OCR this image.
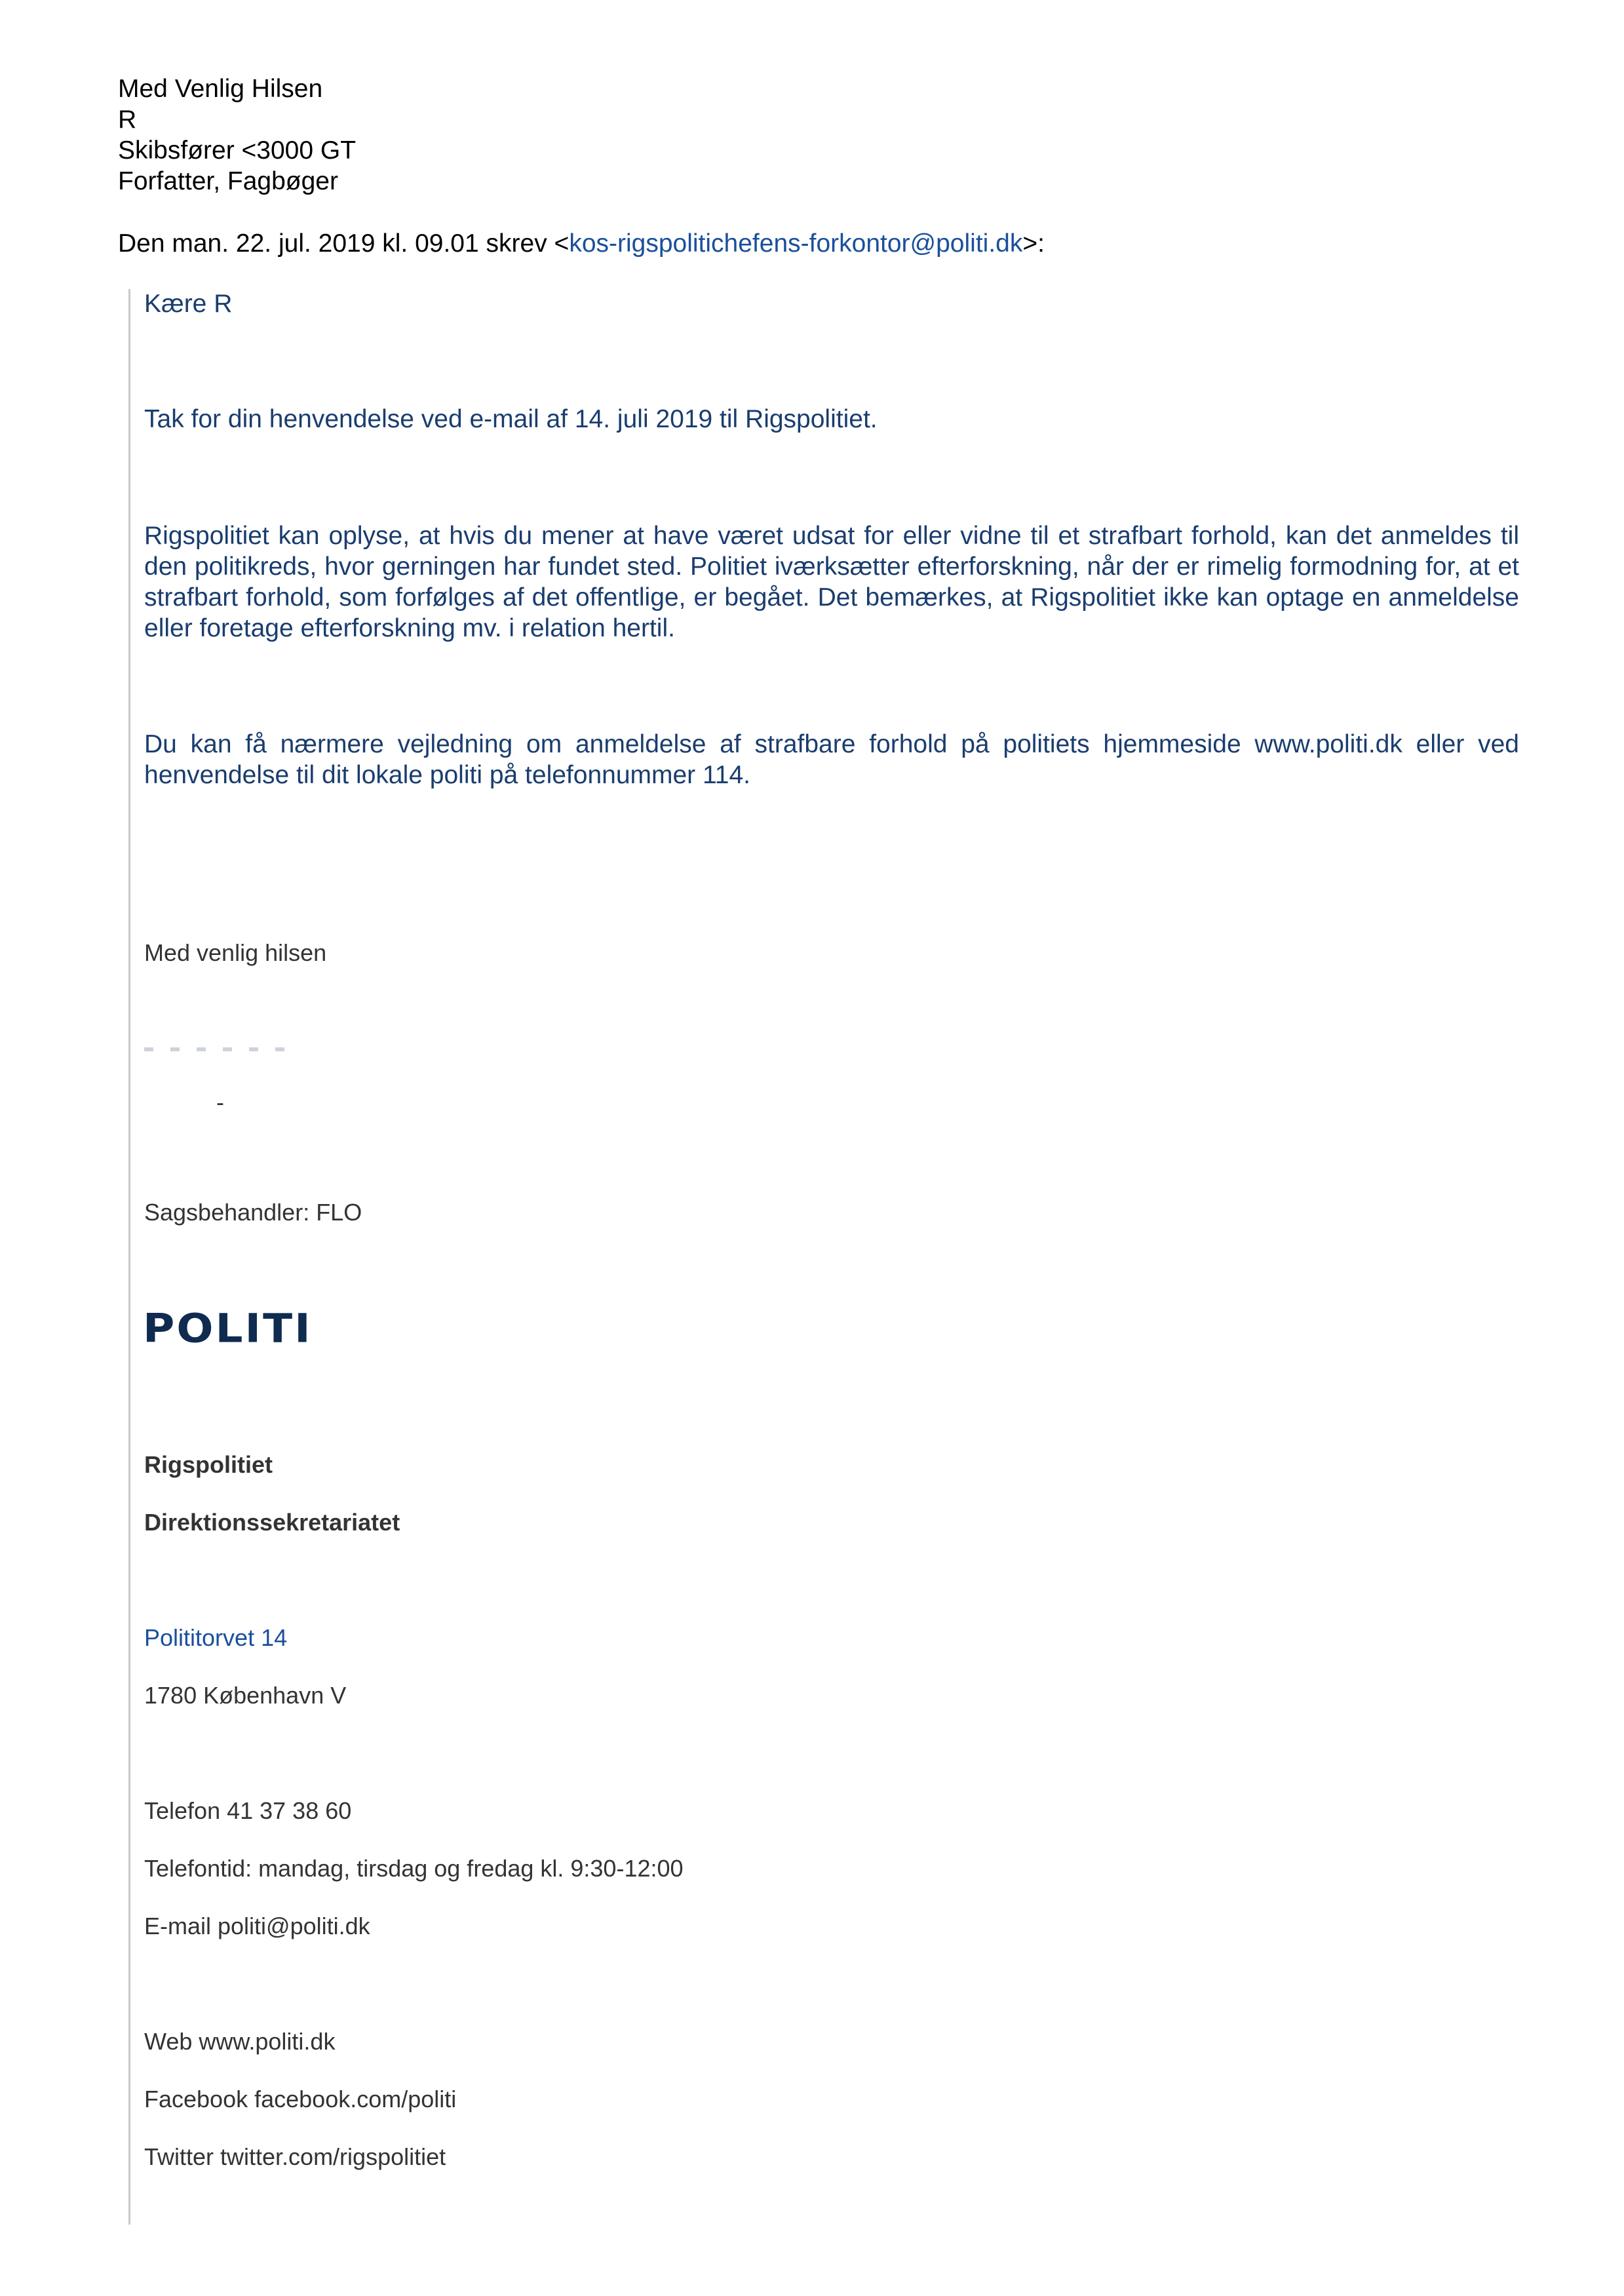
Med Venlig Hilsen
R
Skibsfører <3000 GT
Forfatter, Fagbøger
Den man. 22. jul. 2019 kl. 09.01 skrev <kos-rigspolitichefens-forkontor@politi.dk>:
Kære R
Tak for din henvendelse ved e-mail af 14. juli 2019 til Rigspolitiet.
Rigspolitiet kan oplyse, at hvis du mener at have været udsat for eller vidne til et strafbart forhold, kan det anmeldes til den politikreds, hvor gerningen har fundet sted. Politiet iværksætter efterforskning, når der er rimelig formodning for, at et strafbart forhold, som forfølges af det offentlige, er begået. Det bemærkes, at Rigspolitiet ikke kan optage en anmeldelse eller foretage efterforskning mv. i relation hertil.
Du kan få nærmere vejledning om anmeldelse af strafbare forhold på politiets hjemmeside www.politi.dk eller ved henvendelse til dit lokale politi på telefonnummer 114.
Med venlig hilsen
-
Sagsbehandler: FLO
POLITI
Rigspolitiet
Direktionssekretariatet
Polititorvet 14
1780 København V
Telefon 41 37 38 60
Telefontid: mandag, tirsdag og fredag kl. 9:30-12:00
E-mail politi@politi.dk
Web www.politi.dk
Facebook facebook.com/politi
Twitter twitter.com/rigspolitiet
